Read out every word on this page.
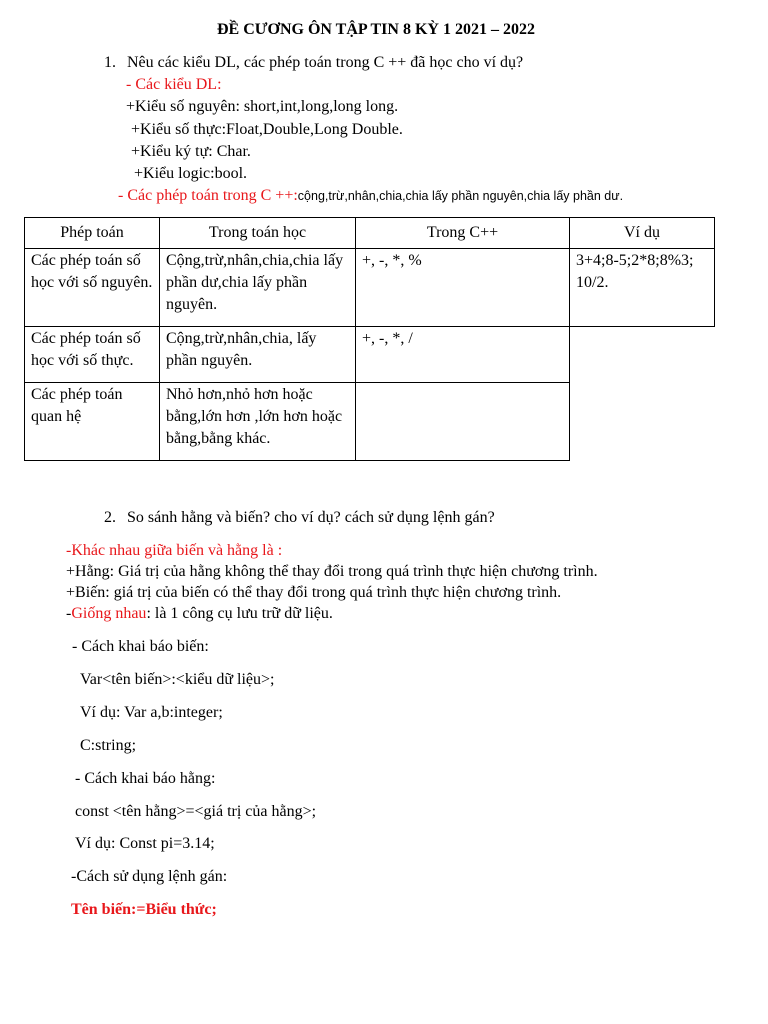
ĐỀ CƯƠNG ÔN TẬP TIN 8 KỲ 1 2021 – 2022
1. Nêu các kiểu DL, các phép toán trong C ++ đã học cho ví dụ?
- Các kiểu DL:
+Kiểu số nguyên: short,int,long,long long.
+Kiểu số thực:Float,Double,Long Double.
+Kiểu ký tự: Char.
+Kiểu logic:bool.
- Các phép toán trong C ++:cộng,trừ,nhân,chia,chia lấy phần nguyên,chia lấy phần dư.
Phép toán	Trong toán học	Trong C++	Ví dụ
Các phép toán số học với số nguyên.	Cộng,trừ,nhân,chia,chia lấy phần dư,chia lấy phần nguyên.	+, -, *, %	3+4;8-5;2*8;8%3; 10/2.
Các phép toán số học với số thực.	Cộng,trừ,nhân,chia, lấy phần nguyên.	+, -, *, /	
Các phép toán quan hệ	Nhỏ hơn,nhỏ hơn hoặc bằng,lớn hơn ,lớn hơn hoặc bằng,bằng khác.		
2. So sánh hằng và biến? cho ví dụ? cách sử dụng lệnh gán?
-Khác nhau giữa biến và hằng là :
+Hằng: Giá trị của hằng không thể thay đổi trong quá trình thực hiện chương trình.
+Biến: giá trị của biến có thể thay đổi trong quá trình thực hiện chương trình.
-Giống nhau: là 1 công cụ lưu trữ dữ liệu.
- Cách khai báo biến:
Var<tên biến>:<kiểu dữ liệu>;
Ví dụ: Var a,b:integer;
C:string;
- Cách khai báo hằng:
const <tên hằng>=<giá trị của hằng>;
Ví dụ: Const pi=3.14;
-Cách sử dụng lệnh gán:
Tên biến:=Biểu thức;
